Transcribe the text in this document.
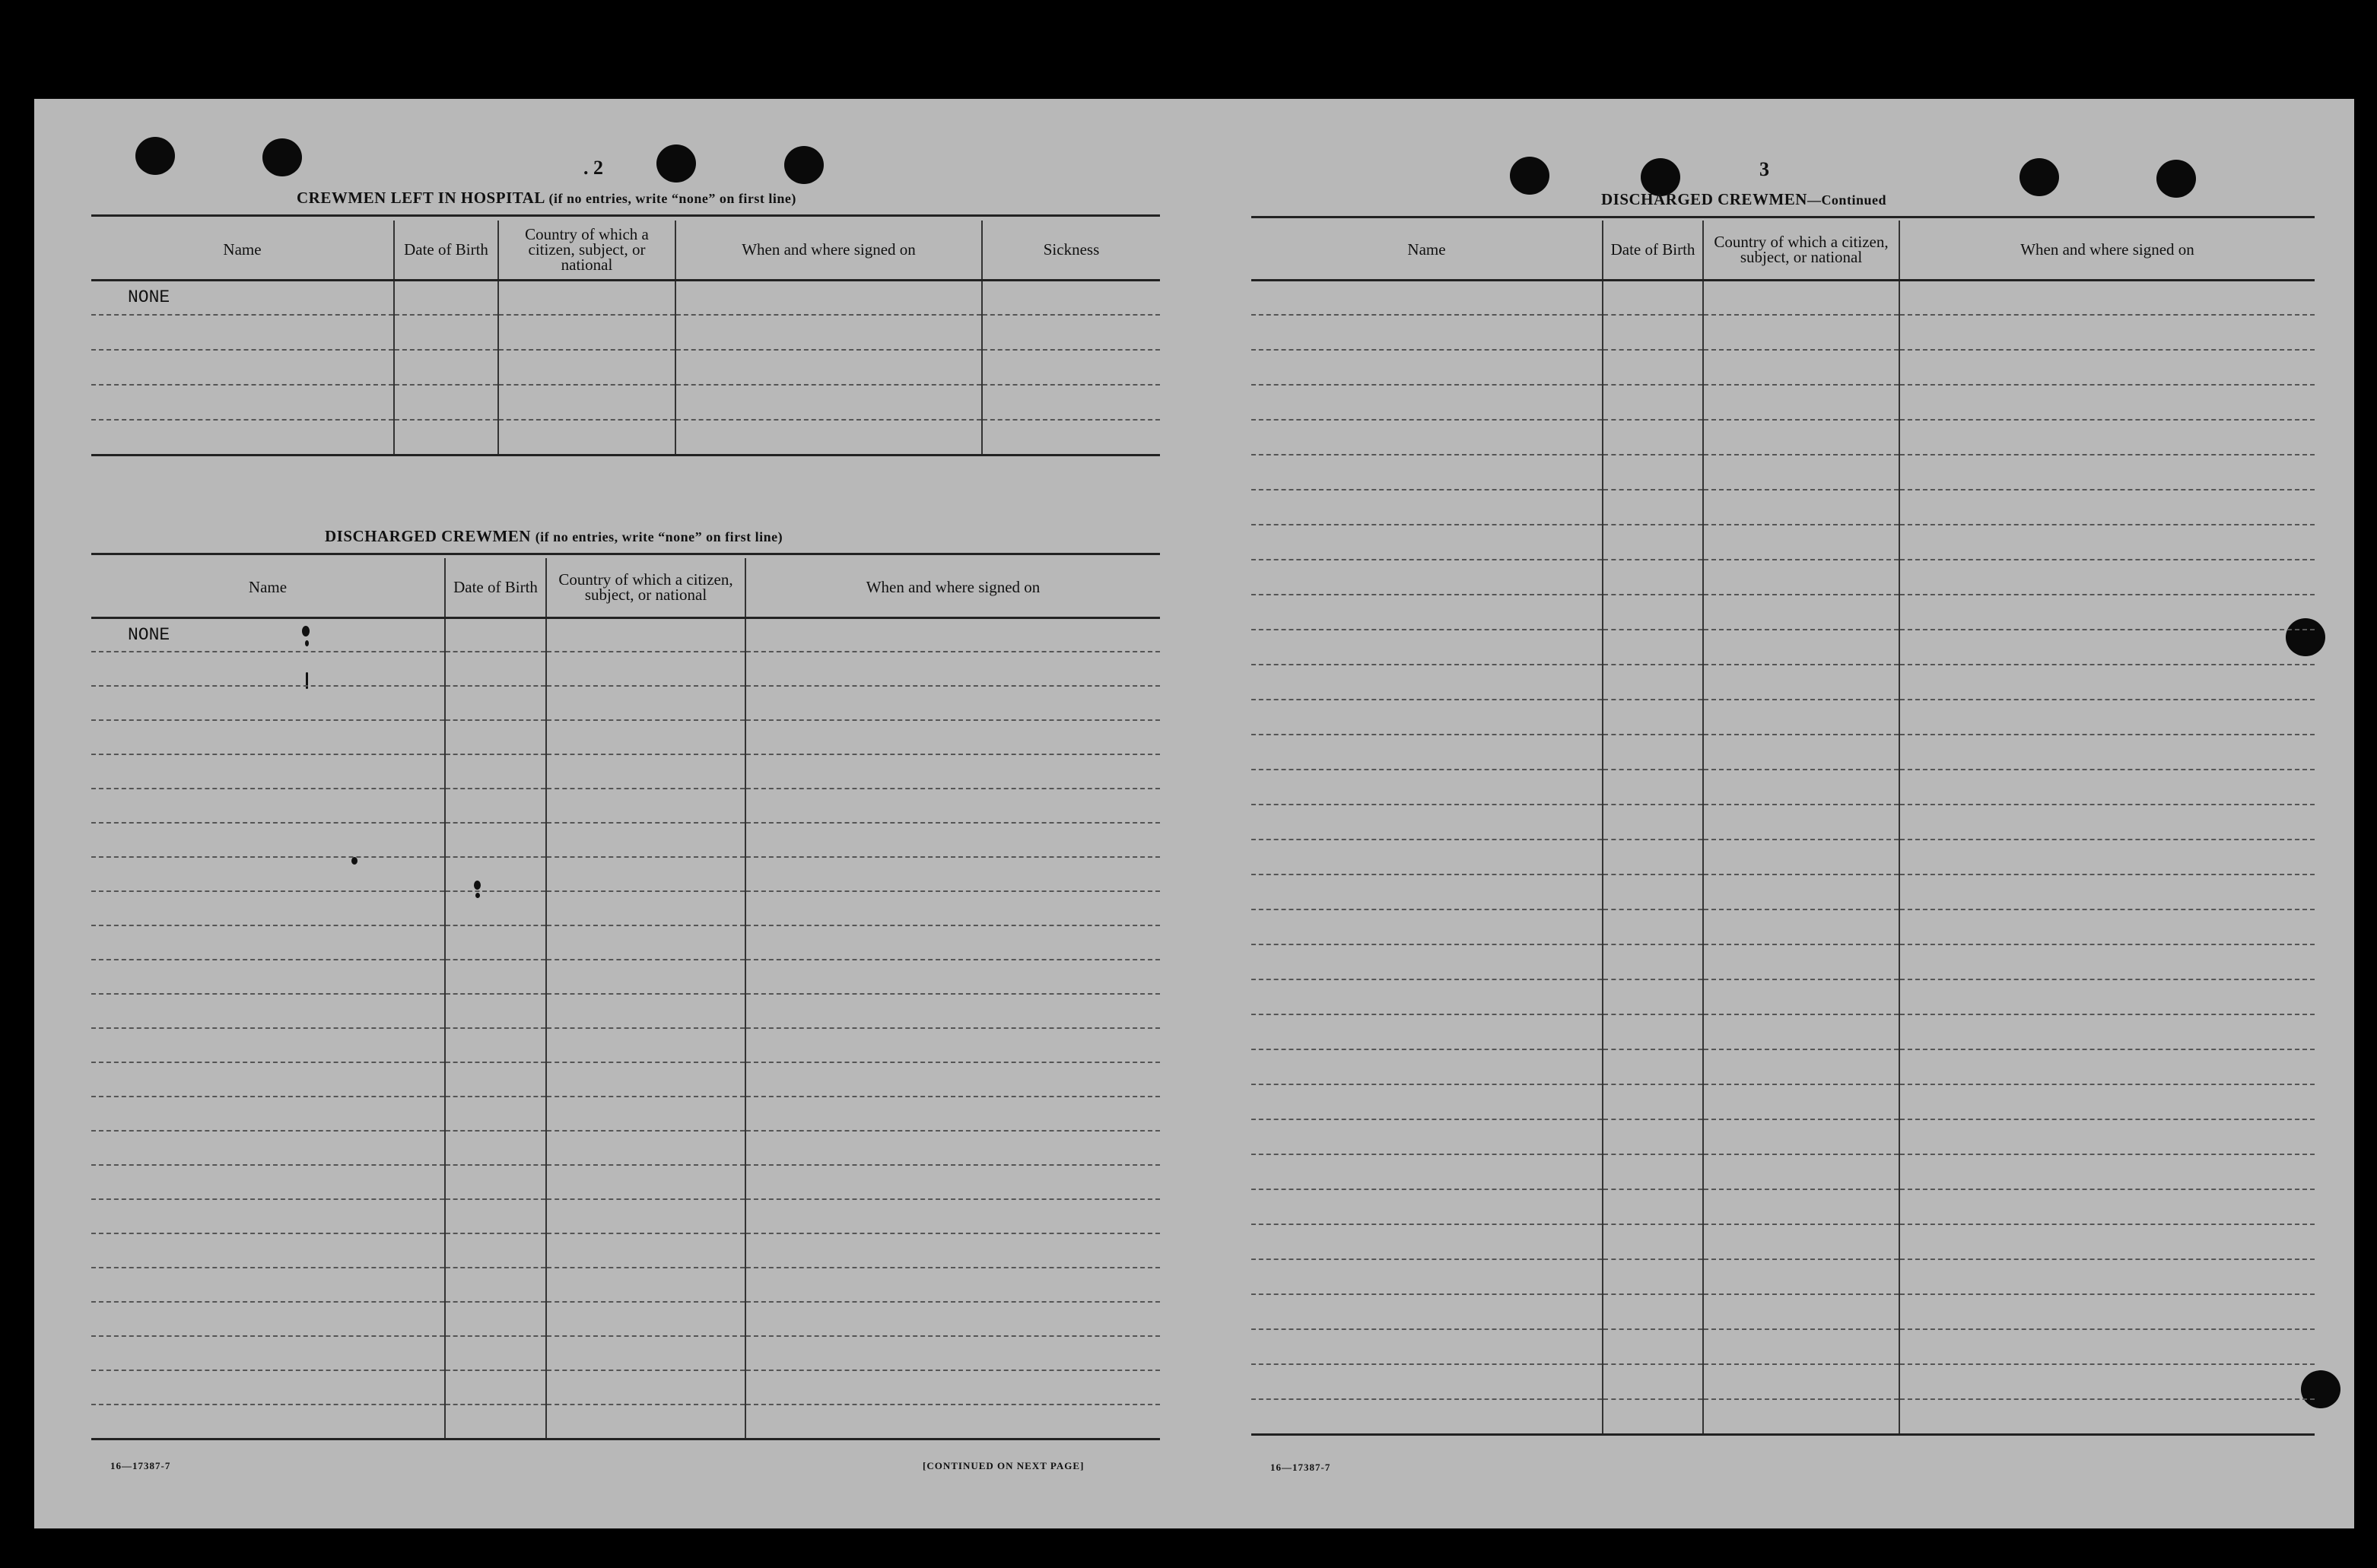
. 2
CREWMEN LEFT IN HOSPITAL (if no entries, write “none” on first line)
Name	Date of Birth	Country of which a citizen, subject, or national	When and where signed on	Sickness
NONE				

DISCHARGED CREWMEN (if no entries, write “none” on first line)
Name	Date of Birth	Country of which a citizen, subject, or national	When and where signed on
NONE			

16—17387-7	[CONTINUED ON NEXT PAGE]
3
DISCHARGED CREWMEN—Continued
Name	Date of Birth	Country of which a citizen, subject, or national	When and where signed on

16—17387-7
